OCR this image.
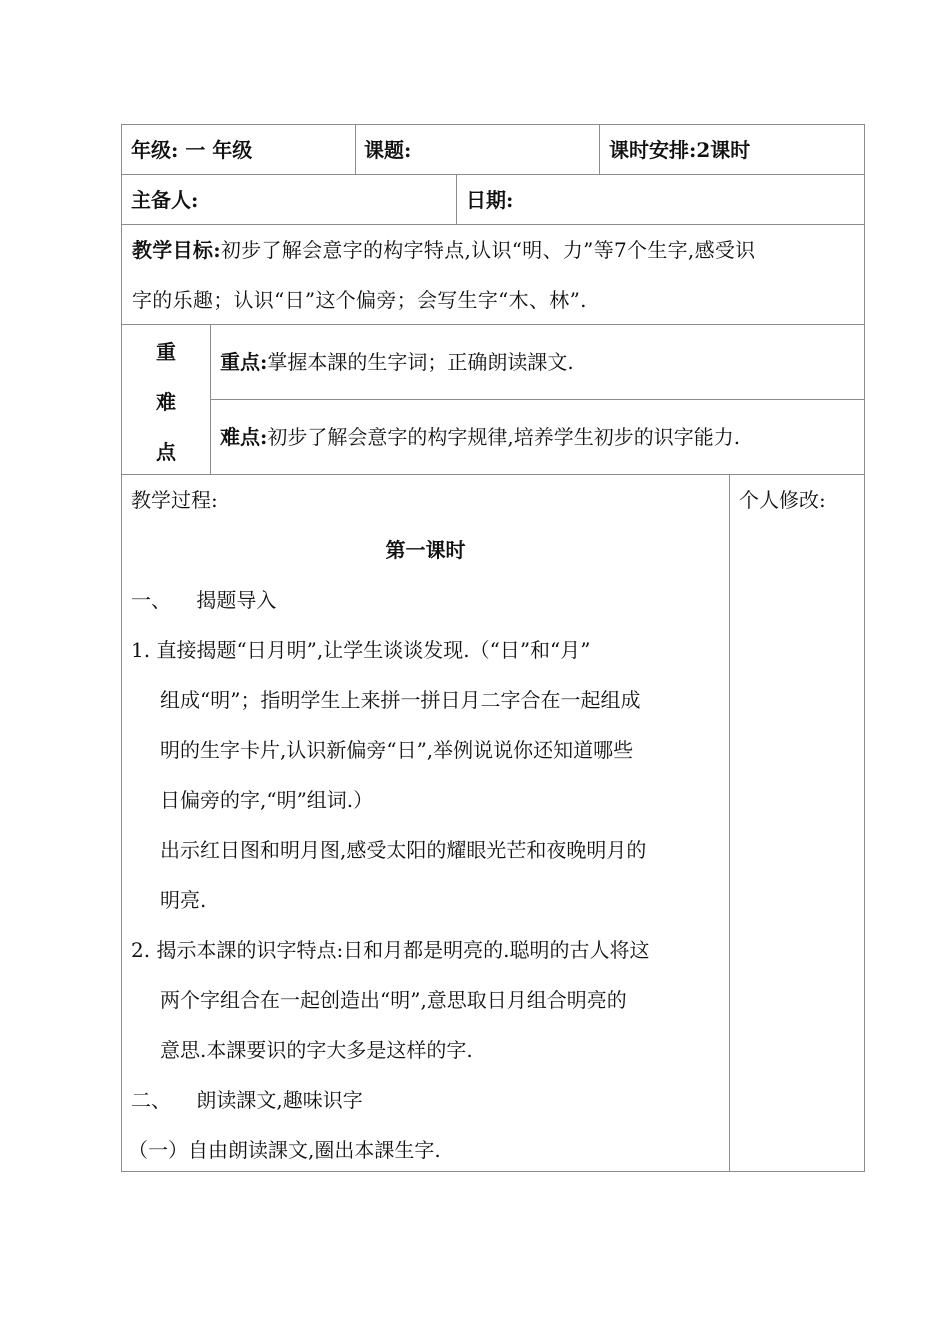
年级: 一 年级	课题:	课时安排:2课时
主备人:	日期:
教学目标:初步了解会意字的构字特点,认识“明、力”等7个生字,感受识
字的乐趣；认识“日”这个偏旁；会写生字“木、林”.
重
难
点
重点:掌握本課的生字词；正确朗读課文.
难点:初步了解会意字的构字规律,培养学生初步的识字能力.
教学过程:	个人修改:
第一课时
一、    揭题导入
1. 直接揭题“日月明”,让学生谈谈发现.（“日”和“月”
组成“明”；指明学生上来拼一拼日月二字合在一起组成
明的生字卡片,认识新偏旁“日”,举例说说你还知道哪些
日偏旁的字,“明”组词.）
出示红日图和明月图,感受太阳的耀眼光芒和夜晚明月的
明亮.
2. 揭示本課的识字特点:日和月都是明亮的.聪明的古人将这
两个字组合在一起创造出“明”,意思取日月组合明亮的
意思.本課要识的字大多是这样的字.
二、    朗读課文,趣味识字
（一）自由朗读課文,圈出本課生字.
